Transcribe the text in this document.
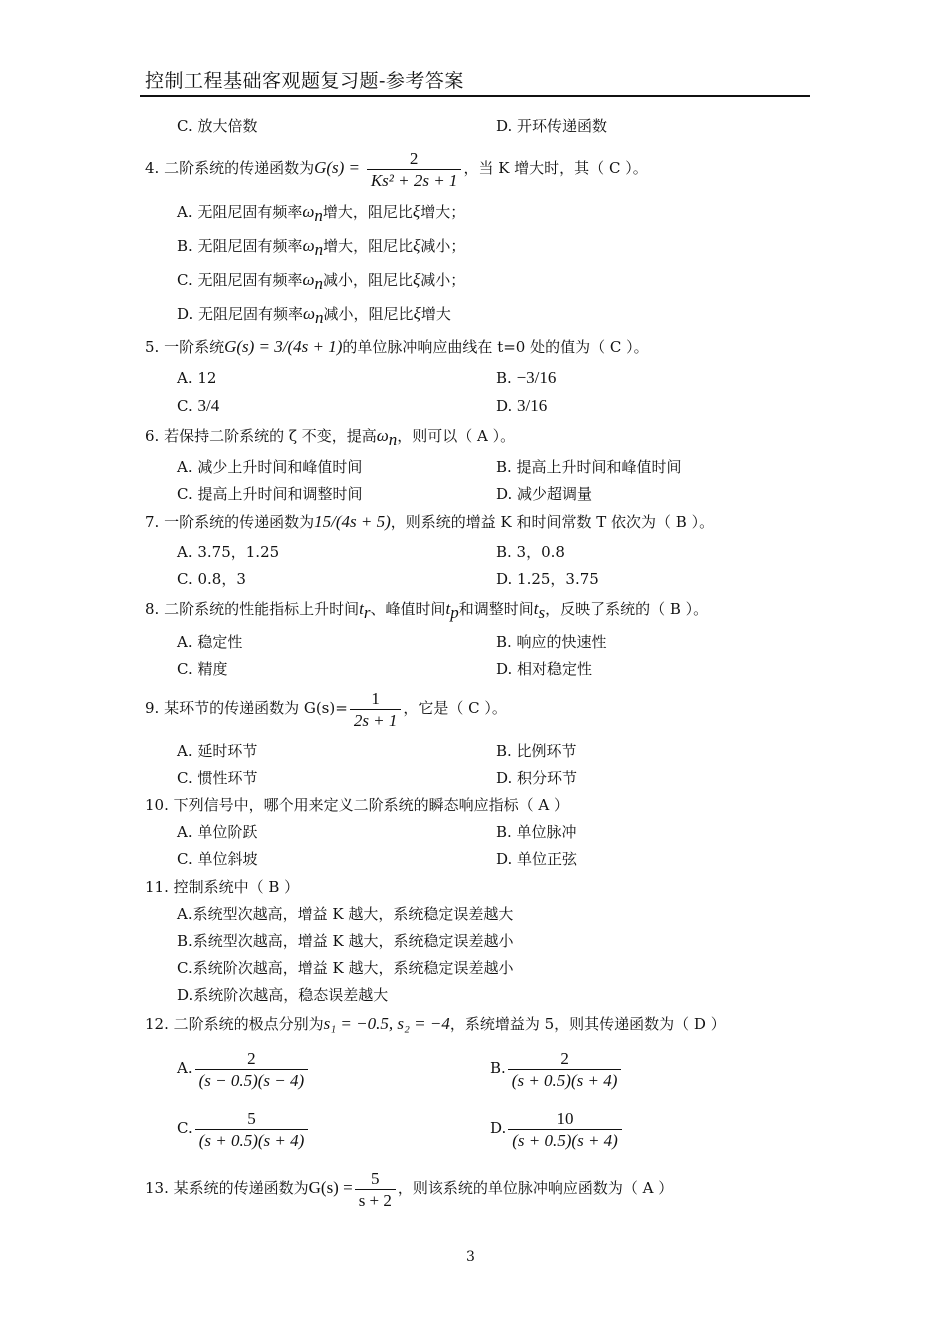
控制工程基础客观题复习题-参考答案
C. 放大倍数	D. 开环传递函数
4. 二阶系统的传递函数为$G(s) = \frac{2}{\text{Ks² + 2s + 1}}$ ，当 K 增大时，其（ C ）。
A. 无阻尼固有频率$\omega_n$增大，阻尼比ξ增大；
B. 无阻尼固有频率$\omega_n$增大，阻尼比ξ减小；
C. 无阻尼固有频率$\omega_n$减小，阻尼比ξ减小；
D. 无阻尼固有频率$\omega_n$减小，阻尼比ξ增大
5. 一阶系统G(s) = 3/(4s + 1)的单位脉冲响应曲线在 t=0 处的值为（ C ）。
A. 12	B. −3/16
C. 3/4	D. 3/16
6. 若保持二阶系统的 ζ 不变，提高$\omega_n$，则可以（ A ）。
A. 减少上升时间和峰值时间	B. 提高上升时间和峰值时间
C. 提高上升时间和调整时间	D. 减少超调量
7. 一阶系统的传递函数为15/(4s + 5)，则系统的增益 K 和时间常数 T 依次为（ B ）。
A. 3.75，1.25	B. 3，0.8
C. 0.8，3	D. 1.25，3.75
8. 二阶系统的性能指标上升时间$t_r$、峰值时间$t_p$和调整时间$t_s$，反映了系统的（ B ）。
A. 稳定性	B. 响应的快速性
C. 精度	D. 相对稳定性
9. 某环节的传递函数为 $G(s)= \frac{1}{2s + 1}$ ，它是（ C ）。
A. 延时环节	B. 比例环节
C. 惯性环节	D. 积分环节
10. 下列信号中，哪个用来定义二阶系统的瞬态响应指标（ A ）
A. 单位阶跃	B. 单位脉冲
C. 单位斜坡	D. 单位正弦
11. 控制系统中（ B ）
A.系统型次越高，增益 K 越大，系统稳定误差越大
B.系统型次越高，增益 K 越大，系统稳定误差越小
C.系统阶次越高，增益 K 越大，系统稳定误差越小
D.系统阶次越高，稳态误差越大
12. 二阶系统的极点分别为s₁ = −0.5, s₂ = −4，系统增益为 5，则其传递函数为（ D ）
A. $\frac{2}{(s - 0.5)(s - 4)}$	B. $\frac{2}{(s + 0.5)(s + 4)}$
C. $\frac{5}{(s + 0.5)(s + 4)}$	D. $\frac{10}{(s + 0.5)(s + 4)}$
13. 某系统的传递函数为$G(s) = \frac{5}{s + 2}$ ，则该系统的单位脉冲响应函数为（ A ）
3
